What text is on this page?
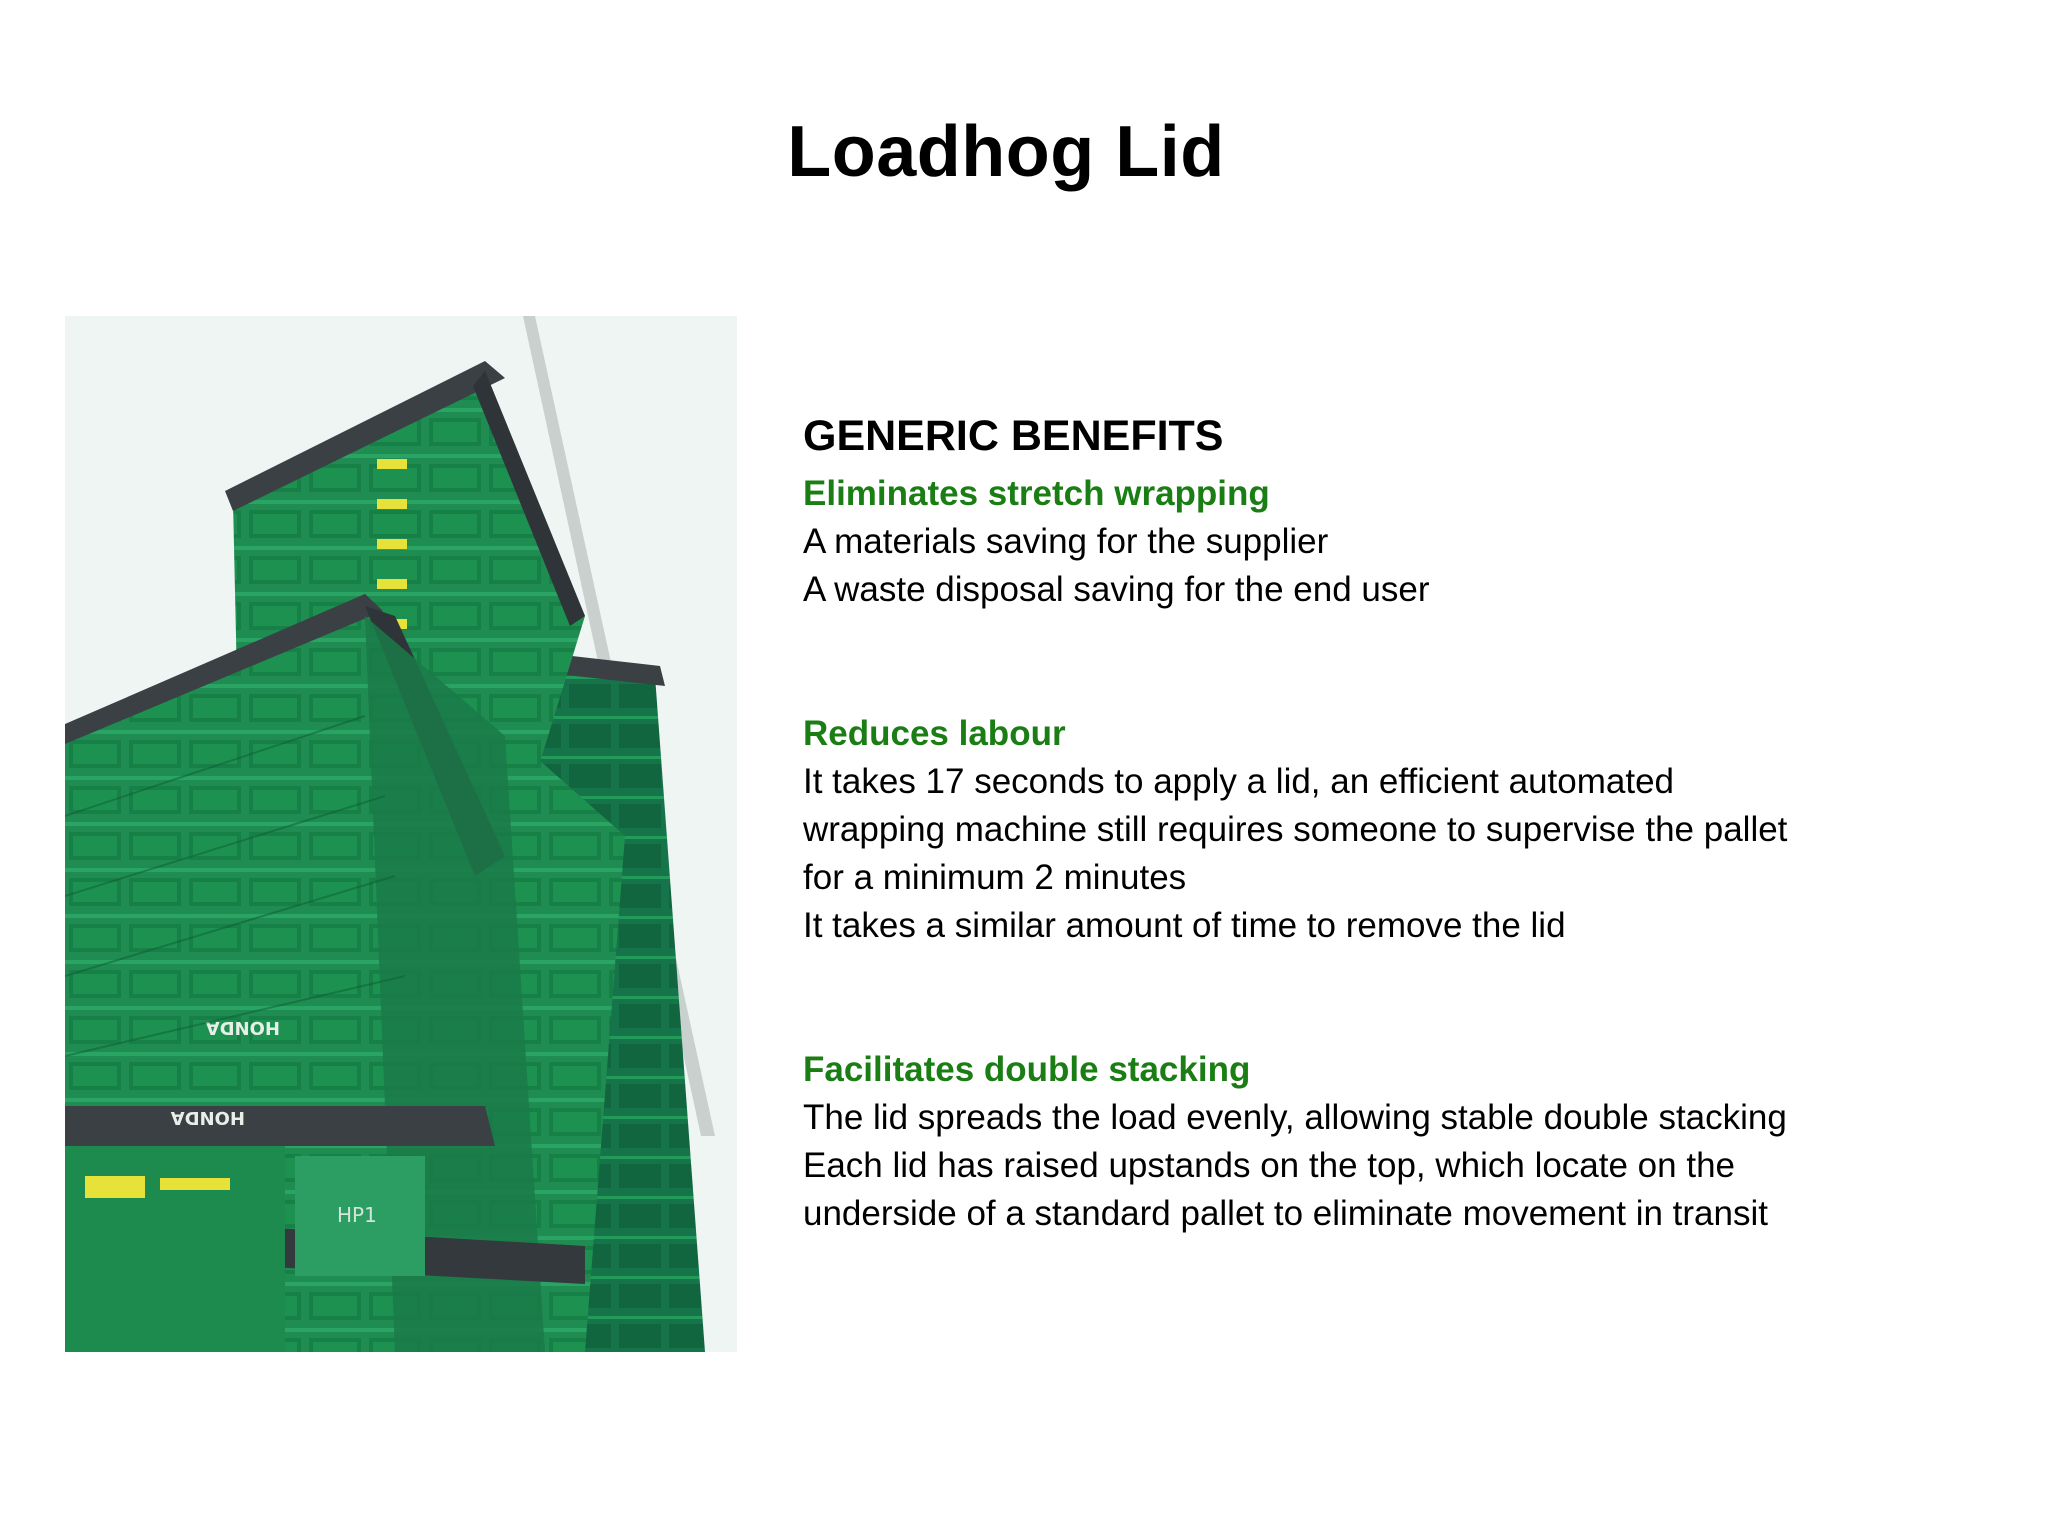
Loadhog Lid
HONDA
HONDA
HP1
GENERIC BENEFITS
Eliminates stretch wrapping
A materials saving for the supplier
A waste disposal saving for the end user
Reduces labour
It takes 17 seconds to apply a lid, an efficient automated
wrapping machine still requires someone to supervise the pallet
for a minimum 2 minutes
It takes a similar amount of time to remove the lid
Facilitates double stacking
The lid spreads the load evenly, allowing stable double stacking
Each lid has raised upstands on the top, which locate on the
underside of a standard pallet to eliminate movement in transit
